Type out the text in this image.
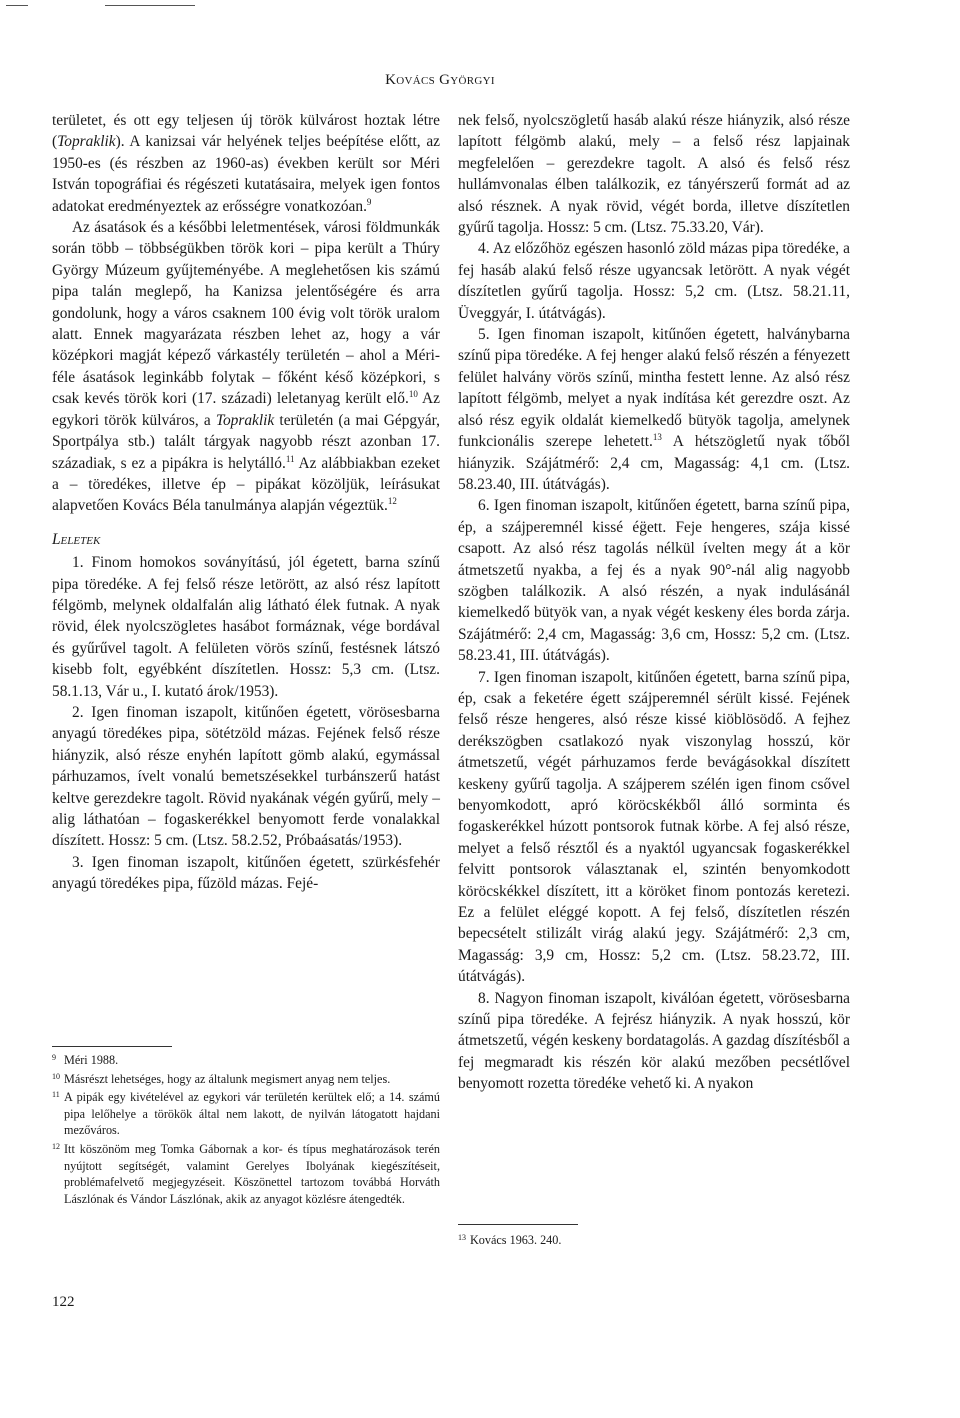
Kovács Györgyi

területet, és ott egy teljesen új török külvárost hoztak létre (Topraklik). A kanizsai vár helyének teljes beépítése előtt, az 1950-es (és részben az 1960-as) években került sor Méri István topográfiai és régészeti kutatásaira, melyek igen fontos adatokat eredményeztek az erősségre vonatkozóan.$^9$

Az ásatások és a későbbi leletmentések, városi földmunkák során több – többségükben török kori – pipa került a Thúry György Múzeum gyűjteményébe. A meglehetősen kis számú pipa talán meglepő, ha Kanizsa jelentőségére és arra gondolunk, hogy a város csaknem 100 évig volt török uralom alatt. Ennek magyarázata részben lehet az, hogy a vár középkori magját képező várkastély területén – ahol a Méri-féle ásatások leginkább folytak – főként késő középkori, s csak kevés török kori (17. századi) leletanyag került elő.$^{10}$ Az egykori török külváros, a Topraklik területén (a mai Gépgyár, Sportpálya stb.) talált tárgyak nagyobb részt azonban 17. századiak, s ez a pipákra is helytálló.$^{11}$ Az alábbiakban ezeket a – töredékes, illetve ép – pipákat közöljük, leírásukat alapvetően Kovács Béla tanulmánya alapján végeztük.$^{12}$

Leletek

1. Finom homokos soványítású, jól égetett, barna színű pipa töredéke. A fej felső része letörött, az alsó rész lapított félgömb, melynek oldalfalán alig látható élek futnak. A nyak rövid, élek nyolcszögletes hasábot formáznak, vége bordával és gyűrűvel tagolt. A felületen vörös színű, festésnek látszó kisebb folt, egyébként díszítetlen. Hossz: 5,3 cm. (Ltsz. 58.1.13, Vár u., I. kutató árok/1953).

2. Igen finoman iszapolt, kitűnően égetett, vörösesbarna anyagú töredékes pipa, sötétzöld mázas. Fejének felső része hiányzik, alsó része enyhén lapított gömb alakú, egymással párhuzamos, ívelt vonalú bemetszésekkel turbánszerű hatást keltve gerezdekre tagolt. Rövid nyakának végén gyűrű, mely – alig láthatóan – fogaskerékkel benyomott ferde vonalakkal díszített. Hossz: 5 cm. (Ltsz. 58.2.52, Próbaásatás/1953).

3. Igen finoman iszapolt, kitűnően égetett, szürkésfehér anyagú töredékes pipa, fűzöld mázas. Fejé-

nek felső, nyolcszögletű hasáb alakú része hiányzik, alsó része lapított félgömb alakú, mely – a felső rész lapjainak megfelelően – gerezdekre tagolt. A alsó és felső rész hullámvonalas élben találkozik, ez tányérszerű formát ad az alsó résznek. A nyak rövid, végét borda, illetve díszítetlen gyűrű tagolja. Hossz: 5 cm. (Ltsz. 75.33.20, Vár).

4. Az előzőhöz egészen hasonló zöld mázas pipa töredéke, a fej hasáb alakú felső része ugyancsak letörött. A nyak végét díszítetlen gyűrű tagolja. Hossz: 5,2 cm. (Ltsz. 58.21.11, Üveggyár, I. útátvágás).

5. Igen finoman iszapolt, kitűnően égetett, halványbarna színű pipa töredéke. A fej henger alakú felső részén a fényezett felület halvány vörös színű, mintha festett lenne. Az alsó rész lapított félgömb, melyet a nyak indítása két gerezdre oszt. Az alsó rész egyik oldalát kiemelkedő bütyök tagolja, amelynek funkcionális szerepe lehetett.$^{13}$ A hétszögletű nyak tőből hiányzik. Szájátmérő: 2,4 cm, Magasság: 4,1 cm. (Ltsz. 58.23.40, III. útátvágás).

6. Igen finoman iszapolt, kitűnően égetett, barna színű pipa, ép, a szájperemnél kissé ég̈ett. Feje hengeres, szája kissé csapott. Az alsó rész tagolás nélkül ívelten megy át a kör átmetszetű nyakba, a fej és a nyak 90°-nál alig nagyobb szögben találkozik. A alsó részén, a nyak indulásánál kiemelkedő bütyök van, a nyak végét keskeny éles borda zárja. Szájátmérő: 2,4 cm, Magasság: 3,6 cm, Hossz: 5,2 cm. (Ltsz. 58.23.41, III. útátvágás).

7. Igen finoman iszapolt, kitűnően égetett, barna színű pipa, ép, csak a feketére égett szájperemnél sérült kissé. Fejének felső része hengeres, alsó része kissé kiöblösödő. A fejhez derékszögben csatlakozó nyak viszonylag hosszú, kör átmetszetű, végét párhuzamos ferde bevágásokkal díszített keskeny gyűrű tagolja. A szájperem szélén igen finom csővel benyomkodott, apró köröcskékből álló sorminta és fogaskerékkel húzott pontsorok futnak körbe. A fej alsó része, melyet a felső résztől és a nyaktól ugyancsak fogaskerékkel felvitt pontsorok választanak el, szintén benyomkodott köröcskékkel díszített, itt a köröket finom pontozás keretezi. Ez a felület eléggé kopott. A fej felső, díszítetlen részén bepecsételt stilizált virág alakú jegy. Szájátmérő: 2,3 cm, Magasság: 3,9 cm, Hossz: 5,2 cm. (Ltsz. 58.23.72, III. útátvágás).

8. Nagyon finoman iszapolt, kiválóan égetett, vörösesbarna színű pipa töredéke. A fejrész hiányzik. A nyak hosszú, kör átmetszetű, végén keskeny bordatagolás. A gazdag díszítésből a fej megmaradt kis részén kör alakú mezőben pecsétlővel benyomott rozetta töredéke vehető ki. A nyakon

9 Méri 1988.
10 Másrészt lehetséges, hogy az általunk megismert anyag nem teljes.
11 A pipák egy kivételével az egykori vár területén kerültek elő; a 14. számú pipa lelőhelye a törökök által nem lakott, de nyilván látogatott hajdani mezőváros.
12 Itt köszönöm meg Tomka Gábornak a kor- és típus meghatározások terén nyújtott segítségét, valamint Gerelyes Ibolyának kiegészítéseit, problémafelvető megjegyzéseit. Köszönettel tartozom továbbá Horváth Lászlónak és Vándor Lászlónak, akik az anyagot közlésre átengedték.
13 Kovács 1963. 240.
122
